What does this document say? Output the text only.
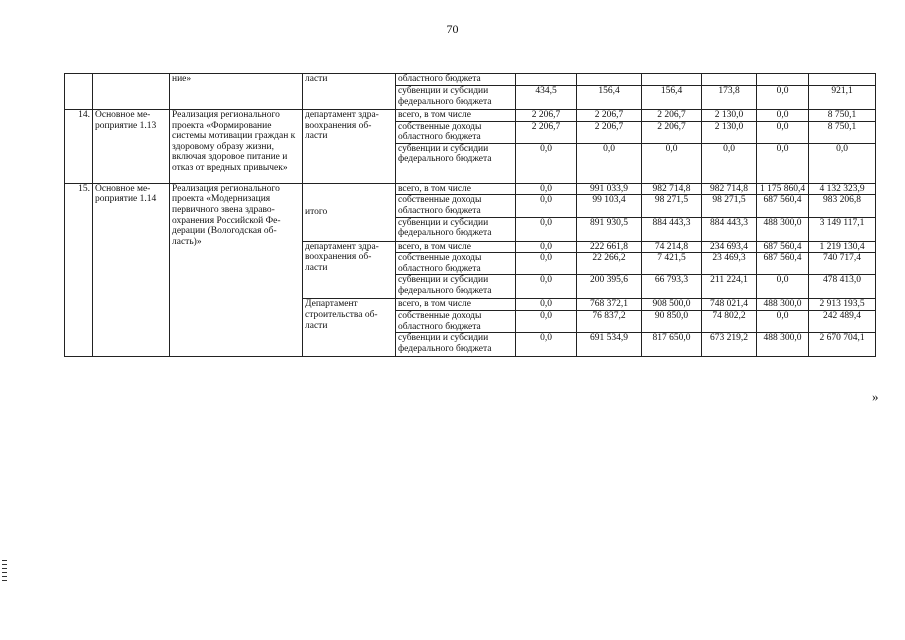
70
		ние»	ласти	областного бюджета						
				субвенции и субсидии федерального бюджета	434,5	156,4	156,4	173,8	0,0	921,1
14.	Основное ме-роприятие 1.13	Реализация регионального проекта «Формирование системы мотивации граждан к здоровому образу жизни, включая здоровое питание и отказ от вредных привычек»	департамент здра-воохранения об-ласти	всего, в том числе	2 206,7	2 206,7	2 206,7	2 130,0	0,0	8 750,1
				собственные доходы областного бюджета	2 206,7	2 206,7	2 206,7	2 130,0	0,0	8 750,1
				субвенции и субсидии федерального бюджета	0,0	0,0	0,0	0,0	0,0	0,0
15.	Основное ме-роприятие 1.14	Реализация регионального проекта «Модернизация первичного звена здраво-охранения Российской Фе-дерации (Вологодская об-ласть)»	итого	всего, в том числе	0,0	991 033,9	982 714,8	982 714,8	1 175 860,4	4 132 323,9
				собственные доходы областного бюджета	0,0	99 103,4	98 271,5	98 271,5	687 560,4	983 206,8
				субвенции и субсидии федерального бюджета	0,0	891 930,5	884 443,3	884 443,3	488 300,0	3 149 117,1
			департамент здра-воохранения об-ласти	всего, в том числе	0,0	222 661,8	74 214,8	234 693,4	687 560,4	1 219 130,4
				собственные доходы областного бюджета	0,0	22 266,2	7 421,5	23 469,3	687 560,4	740 717,4
				субвенции и субсидии федерального бюджета	0,0	200 395,6	66 793,3	211 224,1	0,0	478 413,0
			Департамент строительства об-ласти	всего, в том числе	0,0	768 372,1	908 500,0	748 021,4	488 300,0	2 913 193,5
				собственные доходы областного бюджета	0,0	76 837,2	90 850,0	74 802,2	0,0	242 489,4
				субвенции и субсидии федерального бюджета	0,0	691 534,9	817 650,0	673 219,2	488 300,0	2 670 704,1
»
